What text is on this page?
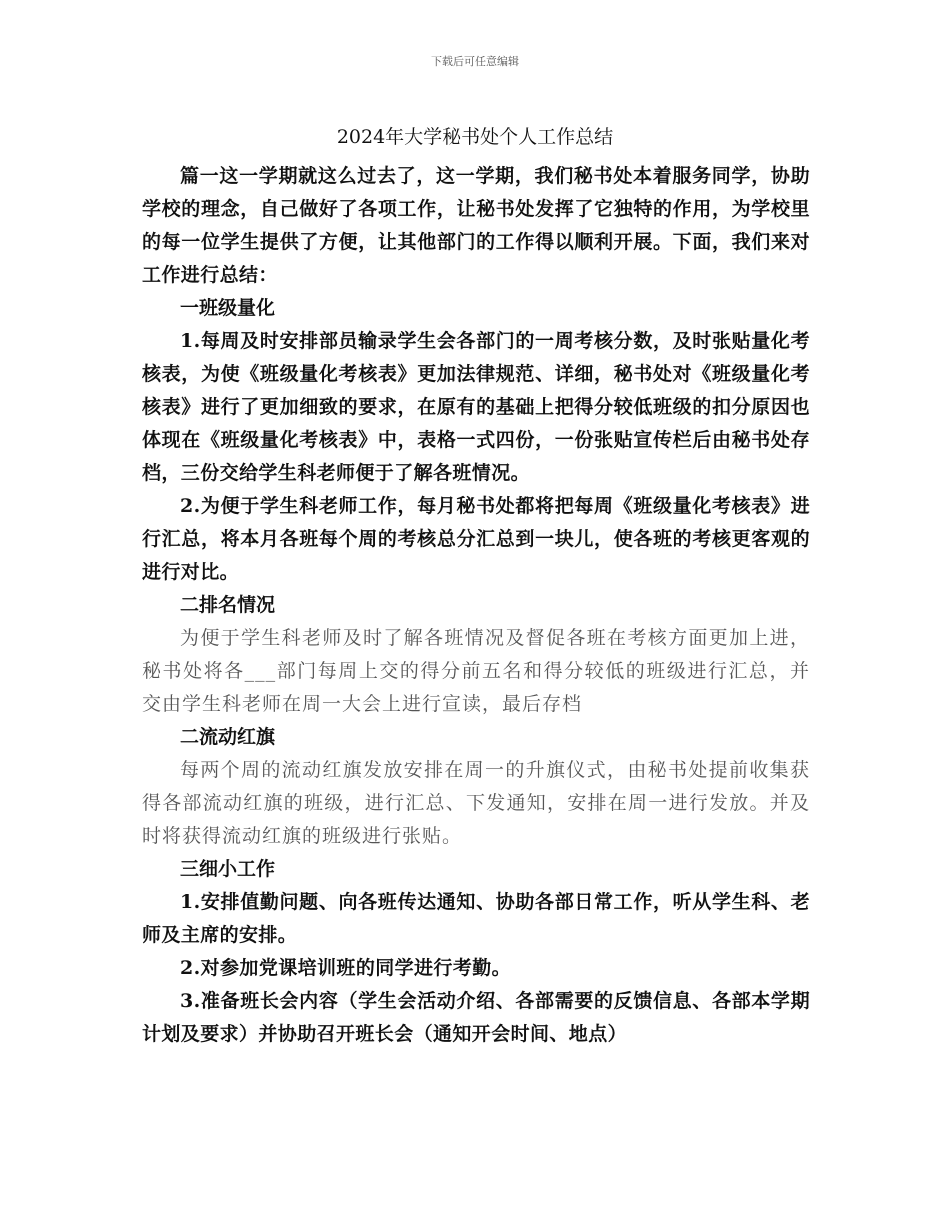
下载后可任意编辑
2024年大学秘书处个人工作总结

篇一这一学期就这么过去了，这一学期，我们秘书处本着服务同学，协助学校的理念，自己做好了各项工作，让秘书处发挥了它独特的作用，为学校里的每一位学生提供了方便，让其他部门的工作得以顺利开展。下面，我们来对工作进行总结：

一班级量化

1.每周及时安排部员输录学生会各部门的一周考核分数，及时张贴量化考核表，为使《班级量化考核表》更加法律规范、详细，秘书处对《班级量化考核表》进行了更加细致的要求，在原有的基础上把得分较低班级的扣分原因也体现在《班级量化考核表》中，表格一式四份，一份张贴宣传栏后由秘书处存档，三份交给学生科老师便于了解各班情况。

2.为便于学生科老师工作，每月秘书处都将把每周《班级量化考核表》进行汇总，将本月各班每个周的考核总分汇总到一块儿，使各班的考核更客观的进行对比。

二排名情况

为便于学生科老师及时了解各班情况及督促各班在考核方面更加上进，秘书处将各___部门每周上交的得分前五名和得分较低的班级进行汇总，并交由学生科老师在周一大会上进行宣读，最后存档

二流动红旗

每两个周的流动红旗发放安排在周一的升旗仪式，由秘书处提前收集获得各部流动红旗的班级，进行汇总、下发通知，安排在周一进行发放。并及时将获得流动红旗的班级进行张贴。

三细小工作

1.安排值勤问题、向各班传达通知、协助各部日常工作，听从学生科、老师及主席的安排。

2.对参加党课培训班的同学进行考勤。

3.准备班长会内容（学生会活动介绍、各部需要的反馈信息、各部本学期计划及要求）并协助召开班长会（通知开会时间、地点）
